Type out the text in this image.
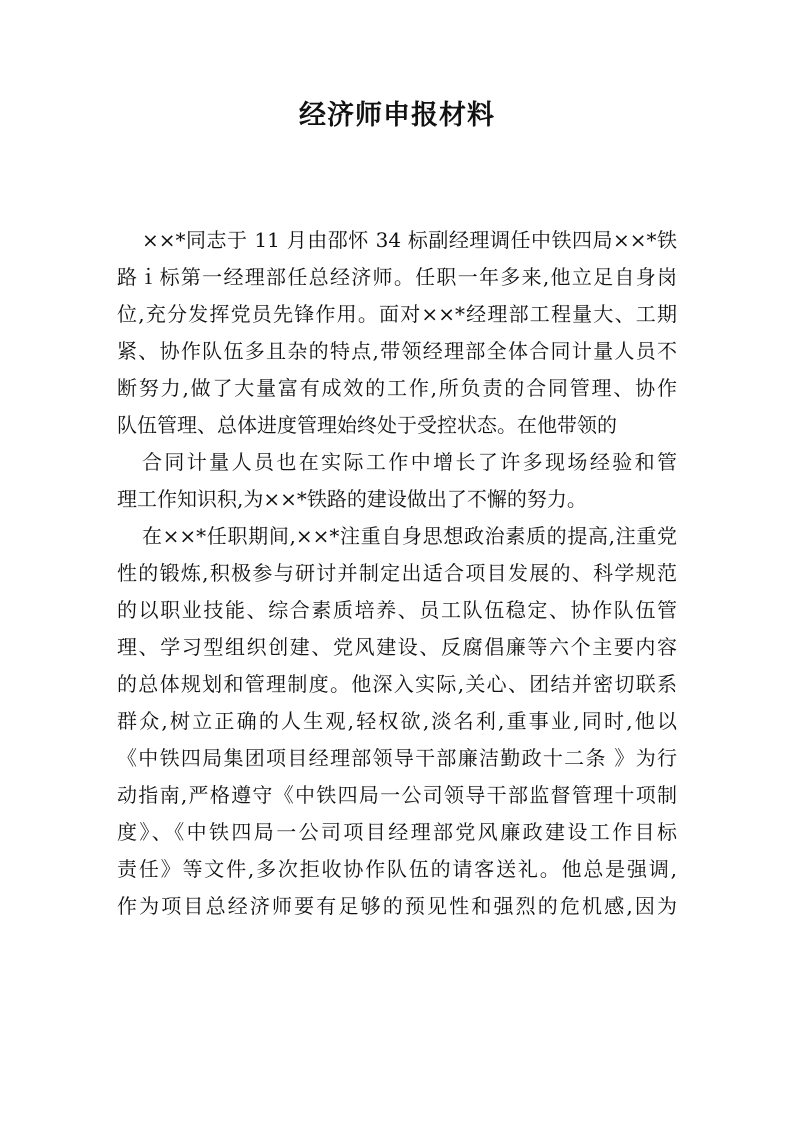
经济师申报材料
××*同志于 11 月由邵怀 34 标副经理调任中铁四局××*铁
路ｉ标第一经理部任总经济师。任职一年多来,他立足自身岗
位,充分发挥党员先锋作用。面对××*经理部工程量大、工期
紧、协作队伍多且杂的特点,带领经理部全体合同计量人员不
断努力,做了大量富有成效的工作,所负责的合同管理、协作
队伍管理、总体进度管理始终处于受控状态。在他带领的
合同计量人员也在实际工作中增长了许多现场经验和管
理工作知识积,为××*铁路的建设做出了不懈的努力。
在××*任职期间,××*注重自身思想政治素质的提高,注重党
性的锻炼,积极参与研讨并制定出适合项目发展的、科学规范
的以职业技能、综合素质培养、员工队伍稳定、协作队伍管
理、学习型组织创建、党风建设、反腐倡廉等六个主要内容
的总体规划和管理制度。他深入实际,关心、团结并密切联系
群众,树立正确的人生观,轻权欲,淡名利,重事业,同时,他以
《中铁四局集团项目经理部领导干部廉洁勤政十二条 》为行
动指南,严格遵守《中铁四局一公司领导干部监督管理十项制
度》、《中铁四局一公司项目经理部党风廉政建设工作目标
责任》等文件,多次拒收协作队伍的请客送礼。他总是强调,
作为项目总经济师要有足够的预见性和强烈的危机感,因为
